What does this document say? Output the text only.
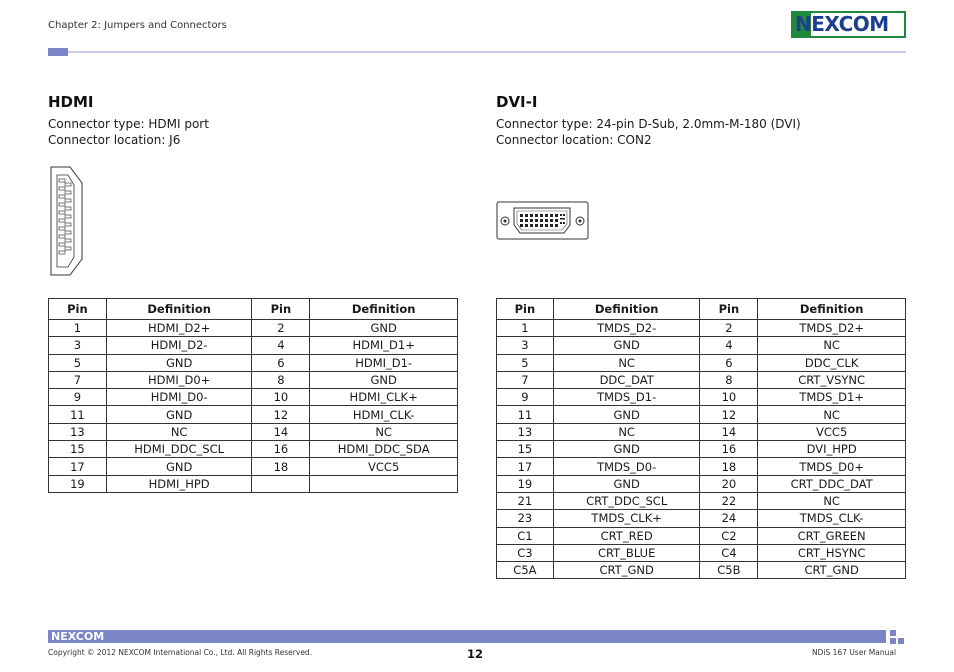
Chapter 2: Jumpers and Connectors	NEXCOM
HDMI
Connector type: HDMI port
Connector location: J6
Pin	Definition	Pin	Definition
1	HDMI_D2+	2	GND
3	HDMI_D2-	4	HDMI_D1+
5	GND	6	HDMI_D1-
7	HDMI_D0+	8	GND
9	HDMI_D0-	10	HDMI_CLK+
11	GND	12	HDMI_CLK-
13	NC	14	NC
15	HDMI_DDC_SCL	16	HDMI_DDC_SDA
17	GND	18	VCC5
19	HDMI_HPD		
DVI-I
Connector type: 24-pin D-Sub, 2.0mm-M-180 (DVI)
Connector location: CON2
Pin	Definition	Pin	Definition
1	TMDS_D2-	2	TMDS_D2+
3	GND	4	NC
5	NC	6	DDC_CLK
7	DDC_DAT	8	CRT_VSYNC
9	TMDS_D1-	10	TMDS_D1+
11	GND	12	NC
13	NC	14	VCC5
15	GND	16	DVI_HPD
17	TMDS_D0-	18	TMDS_D0+
19	GND	20	CRT_DDC_DAT
21	CRT_DDC_SCL	22	NC
23	TMDS_CLK+	24	TMDS_CLK-
C1	CRT_RED	C2	CRT_GREEN
C3	CRT_BLUE	C4	CRT_HSYNC
C5A	CRT_GND	C5B	CRT_GND
NEXCOM
Copyright © 2012 NEXCOM International Co., Ltd. All Rights Reserved.	12	NDiS 167 User Manual
